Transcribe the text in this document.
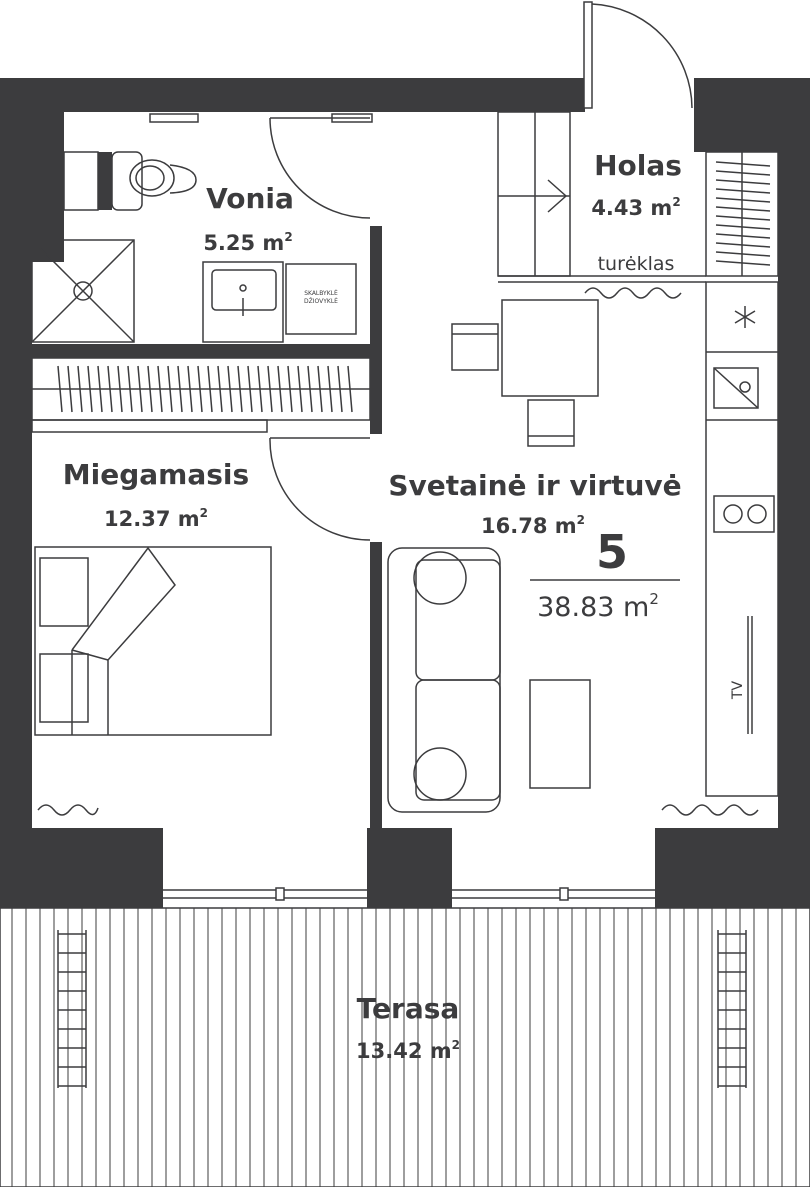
SKALBYKLĖ
DŽIOVYKLĖ
TV
Vonia
5.25 $m^2$
Holas
4.43 $m^2$
turėklas
Miegamasis
12.37 $m^2$
Svetainė ir virtuvė
16.78 $m^2$
5
38.83 $m^2$
Terasa
13.42 $m^2$
